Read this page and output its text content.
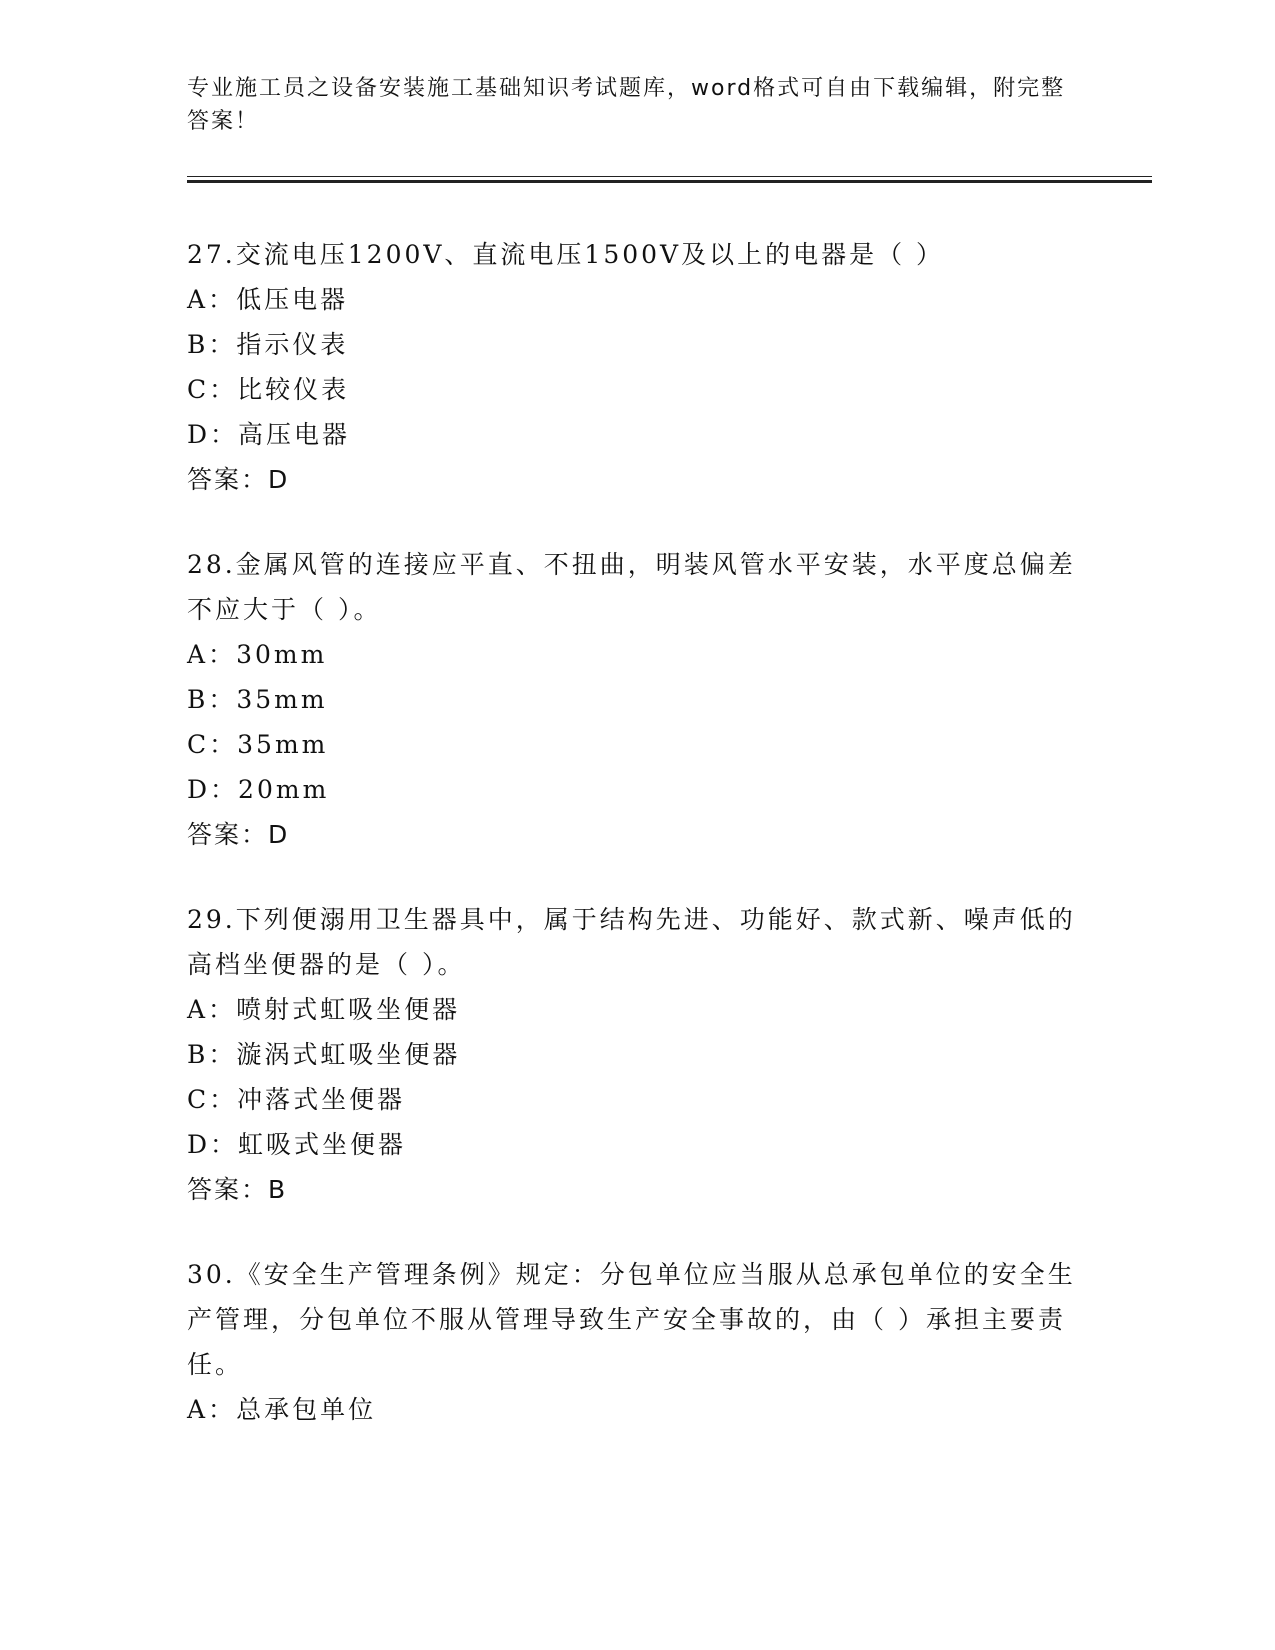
专业施工员之设备安装施工基础知识考试题库，word格式可自由下载编辑，附完整答案！

27.交流电压1200V、直流电压1500V及以上的电器是（ ）

A：低压电器

B：指示仪表

C：比较仪表

D：高压电器

答案：D

28.金属风管的连接应平直、不扭曲，明装风管水平安装，水平度总偏差不应大于（ ）。

A：30mm

B：35mm

C：35mm

D：20mm

答案：D

29.下列便溺用卫生器具中，属于结构先进、功能好、款式新、噪声低的高档坐便器的是（ ）。

A：喷射式虹吸坐便器

B：漩涡式虹吸坐便器

C：冲落式坐便器

D：虹吸式坐便器

答案：B

30.《安全生产管理条例》规定：分包单位应当服从总承包单位的安全生产管理，分包单位不服从管理导致生产安全事故的，由（ ）承担主要责任。

A：总承包单位
